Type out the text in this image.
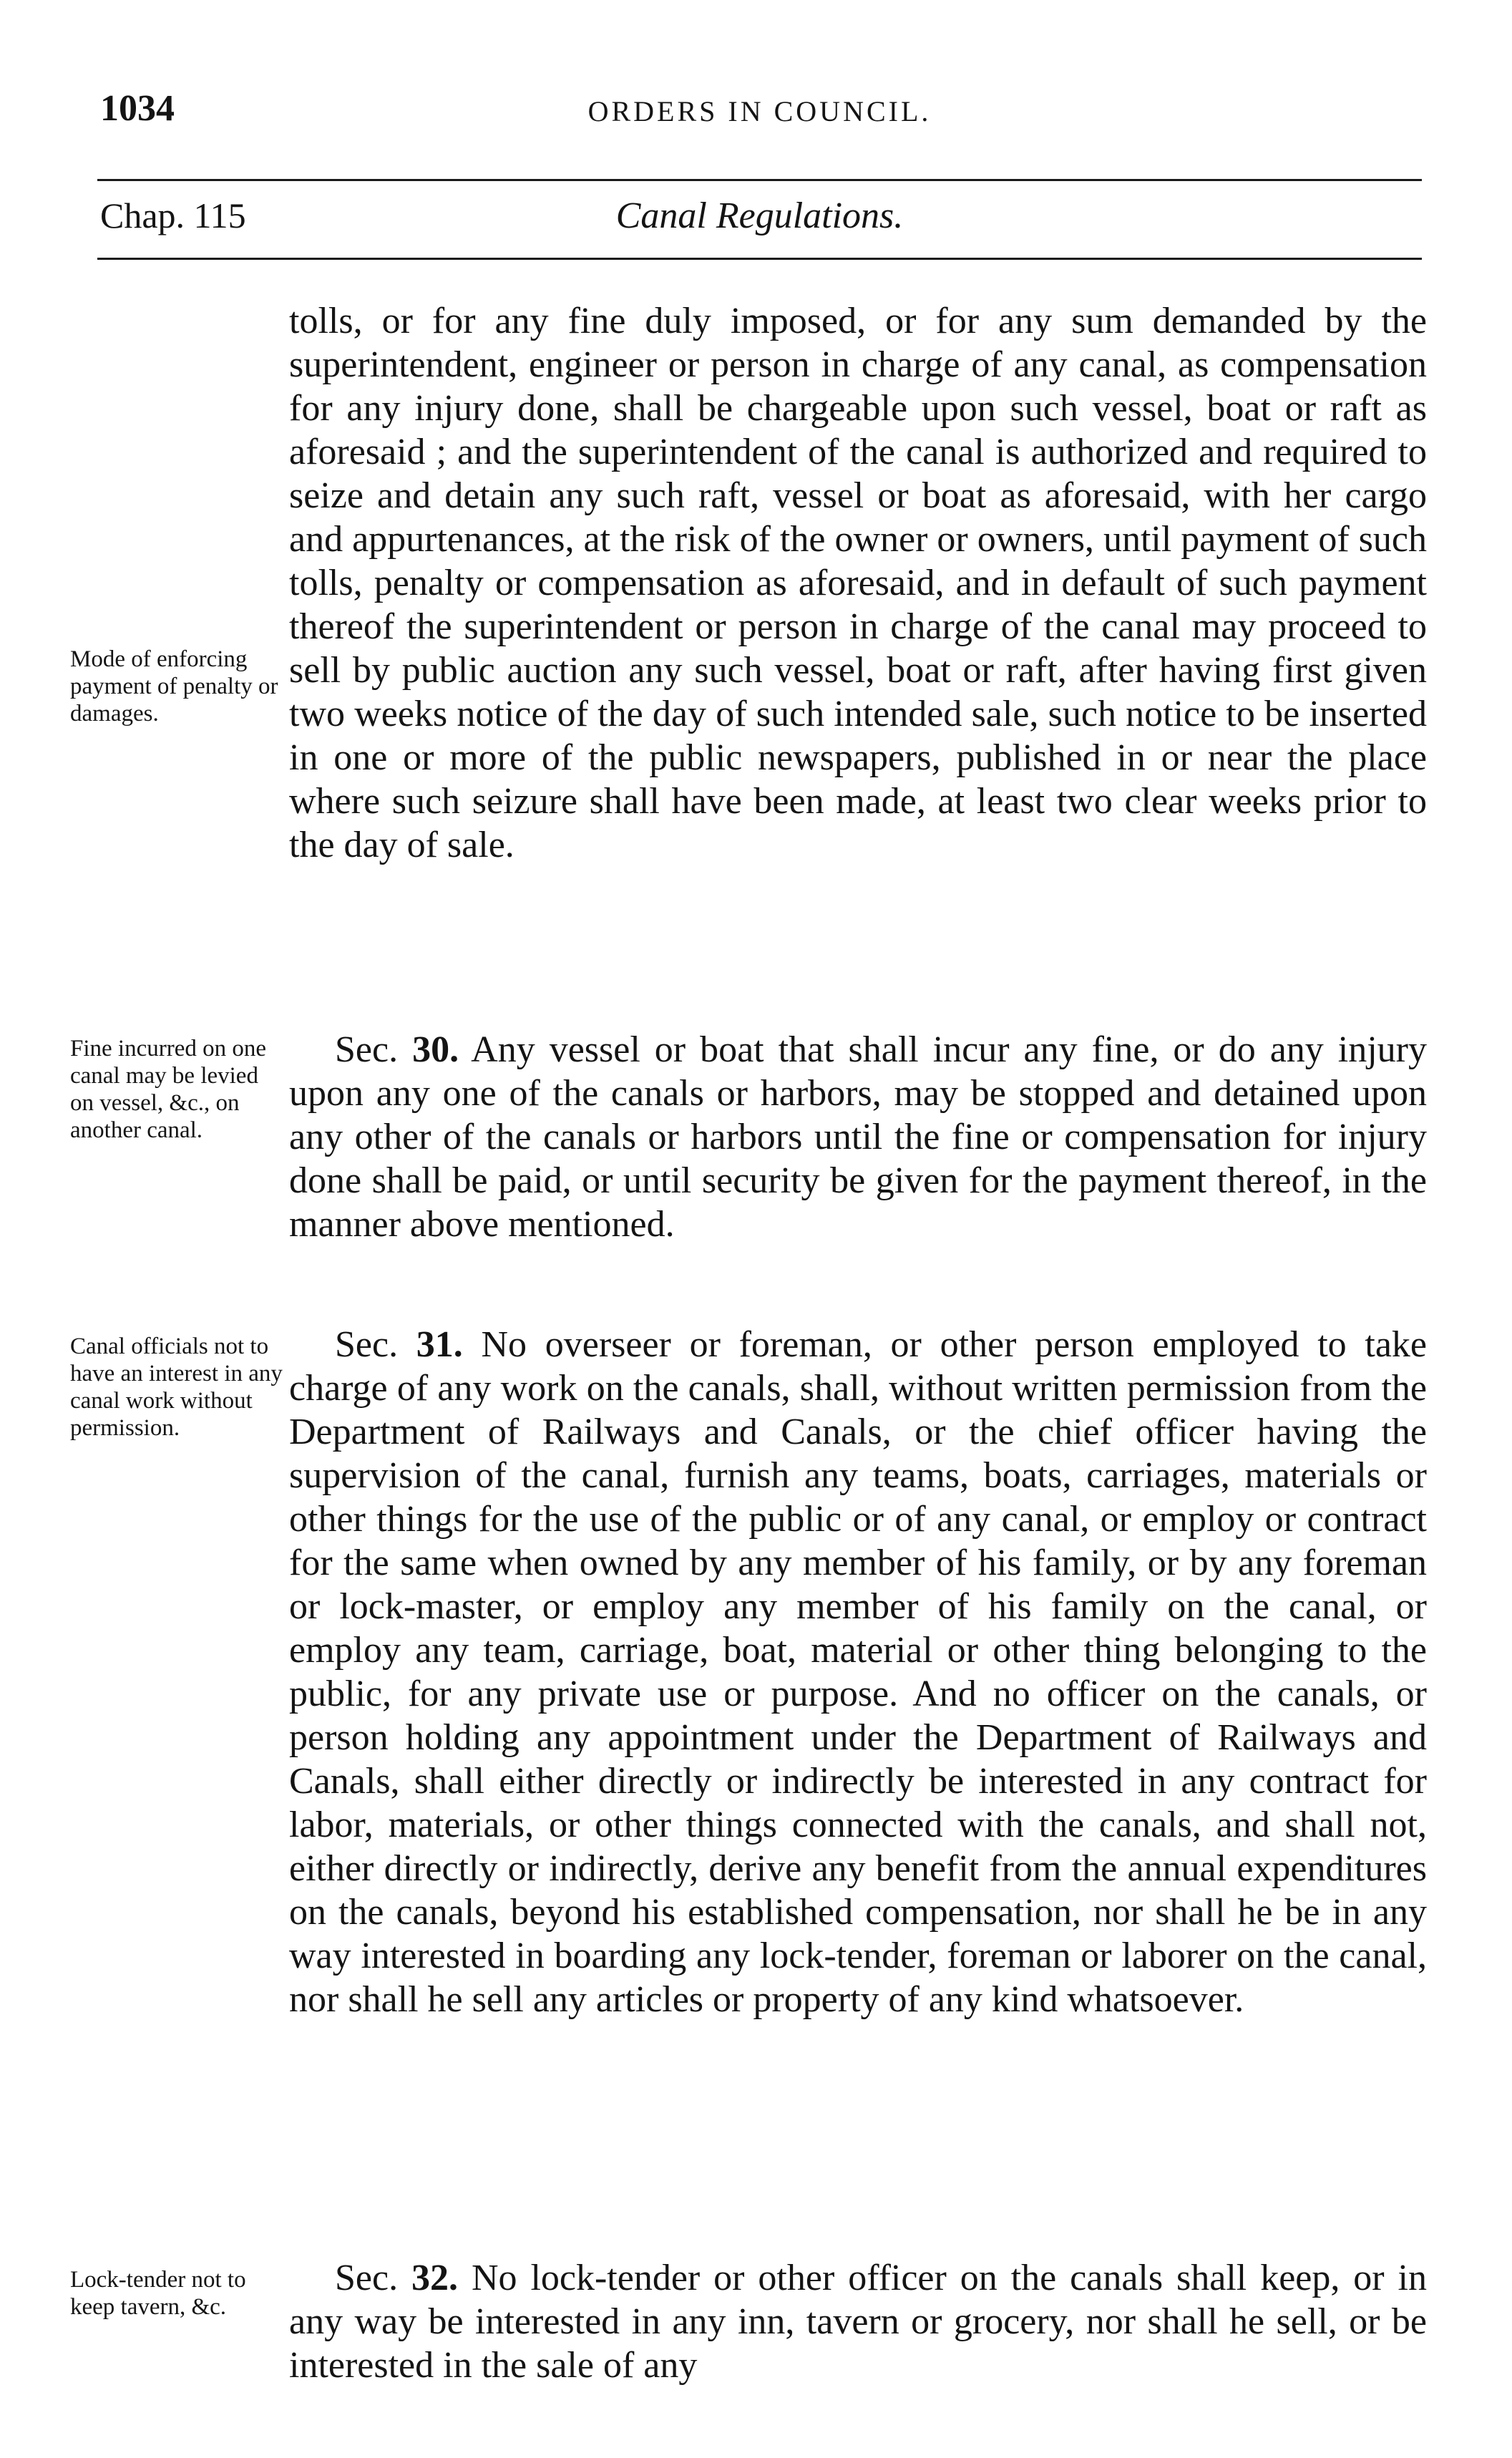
1034	ORDERS IN COUNCIL.
Chap. 115	Canal Regulations.

tolls, or for any fine duly imposed, or for any sum demanded by the superintendent, engineer or person in charge of any canal, as compensation for any injury done, shall be chargeable upon such vessel, boat or raft as aforesaid ; and the superintendent of the canal is authorized and required to seize and detain any such raft, vessel or boat as aforesaid, with her cargo and appurtenances, at the risk of the owner or owners, until payment of such tolls, penalty or compensation as aforesaid, and in default of such payment thereof the superintendent or person in charge of the canal may proceed to sell by public auction any such vessel, boat or raft, after having first given two weeks notice of the day of such intended sale, such notice to be inserted in one or more of the public newspapers, published in or near the place where such seizure shall have been made, at least two clear weeks prior to the day of sale.

Sec. 30. Any vessel or boat that shall incur any fine, or do any injury upon any one of the canals or harbors, may be stopped and detained upon any other of the canals or harbors until the fine or compensation for injury done shall be paid, or until security be given for the payment thereof, in the manner above mentioned.

Sec. 31. No overseer or foreman, or other person employed to take charge of any work on the canals, shall, without written permission from the Department of Railways and Canals, or the chief officer having the supervision of the canal, furnish any teams, boats, carriages, materials or other things for the use of the public or of any canal, or employ or contract for the same when owned by any member of his family, or by any foreman or lock-master, or employ any member of his family on the canal, or employ any team, carriage, boat, material or other thing belonging to the public, for any private use or purpose. And no officer on the canals, or person holding any appointment under the Department of Railways and Canals, shall either directly or indirectly be interested in any contract for labor, materials, or other things connected with the canals, and shall not, either directly or indirectly, derive any benefit from the annual expenditures on the canals, beyond his established compensation, nor shall he be in any way interested in boarding any lock-tender, foreman or laborer on the canal, nor shall he sell any articles or property of any kind whatsoever.

Sec. 32. No lock-tender or other officer on the canals shall keep, or in any way be interested in any inn, tavern or grocery, nor shall he sell, or be interested in the sale of any

Mode of enforcing payment of penalty or damages.
Fine incurred on one canal may be levied on vessel, &c., on another canal.
Canal officials not to have an interest in any canal work without permission.
Lock-tender not to keep tavern, &c.
